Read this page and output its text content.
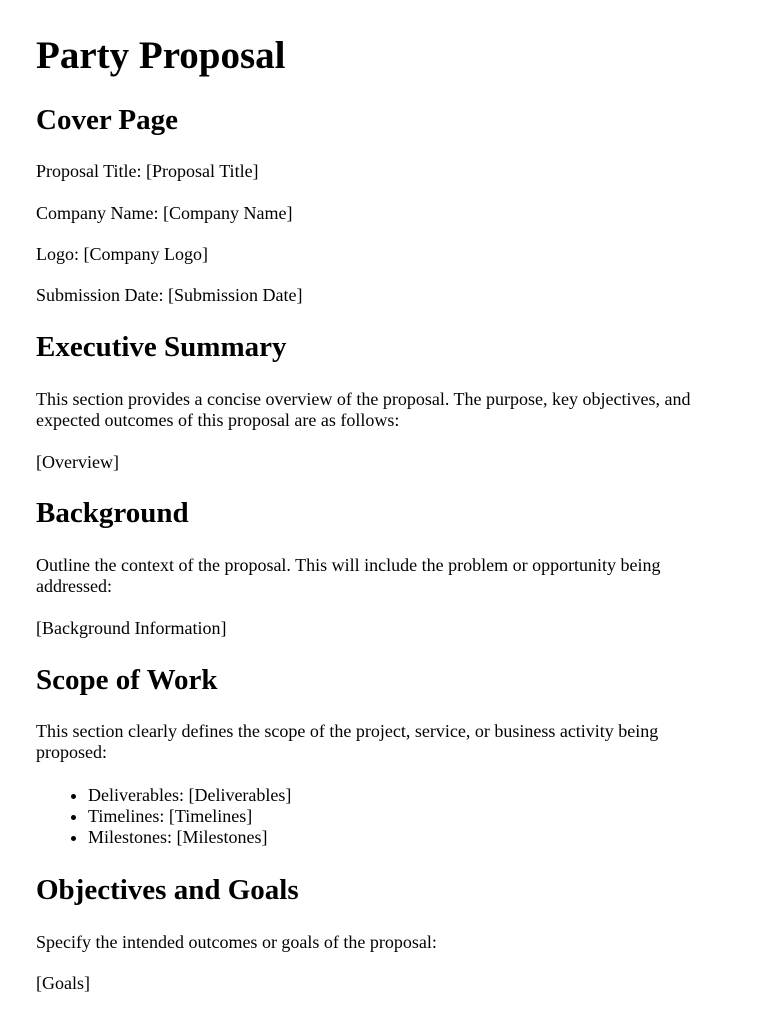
Party Proposal
Cover Page

Proposal Title: [Proposal Title]

Company Name: [Company Name]

Logo: [Company Logo]

Submission Date: [Submission Date]

Executive Summary

This section provides a concise overview of the proposal. The purpose, key objectives, and expected outcomes of this proposal are as follows:

[Overview]

Background

Outline the context of the proposal. This will include the problem or opportunity being addressed:

[Background Information]

Scope of Work

This section clearly defines the scope of the project, service, or business activity being proposed:

• Deliverables: [Deliverables]
• Timelines: [Timelines]
• Milestones: [Milestones]
Objectives and Goals

Specify the intended outcomes or goals of the proposal:

[Goals]
